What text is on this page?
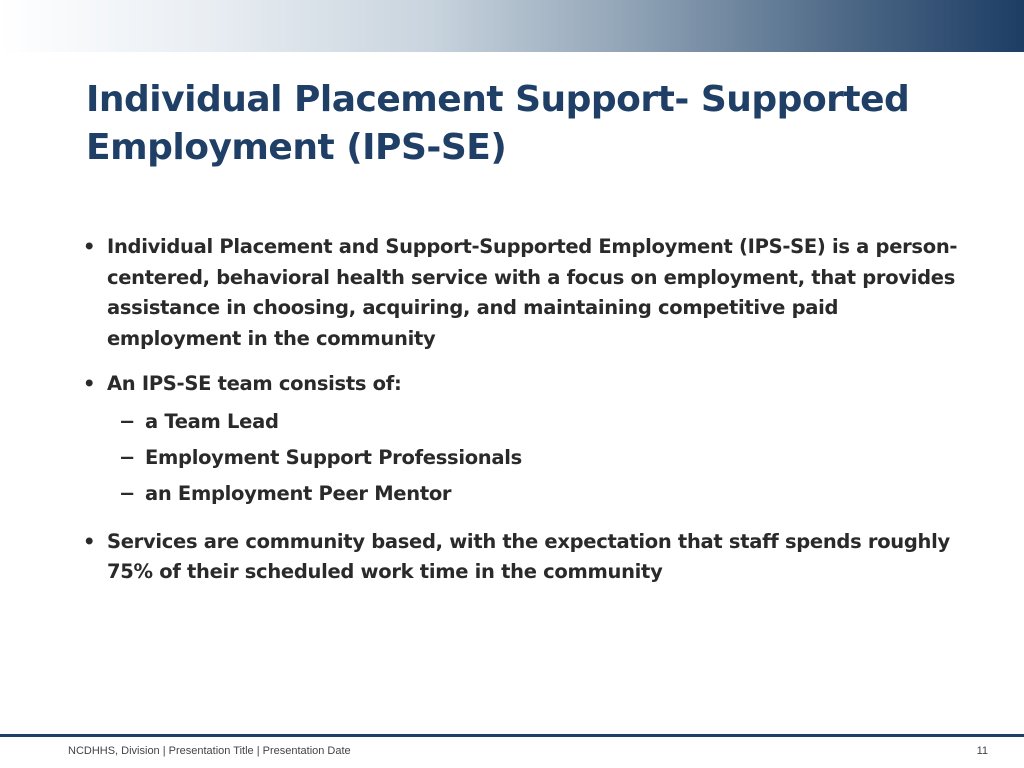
Individual Placement Support- Supported Employment (IPS-SE)
• Individual Placement and Support-Supported Employment (IPS-SE) is a person-centered, behavioral health service with a focus on employment, that provides assistance in choosing, acquiring, and maintaining competitive paid employment in the community
• An IPS-SE team consists of:
− a Team Lead
− Employment Support Professionals
− an Employment Peer Mentor
• Services are community based, with the expectation that staff spends roughly 75% of their scheduled work time in the community
NCDHHS, Division | Presentation Title | Presentation Date	11
